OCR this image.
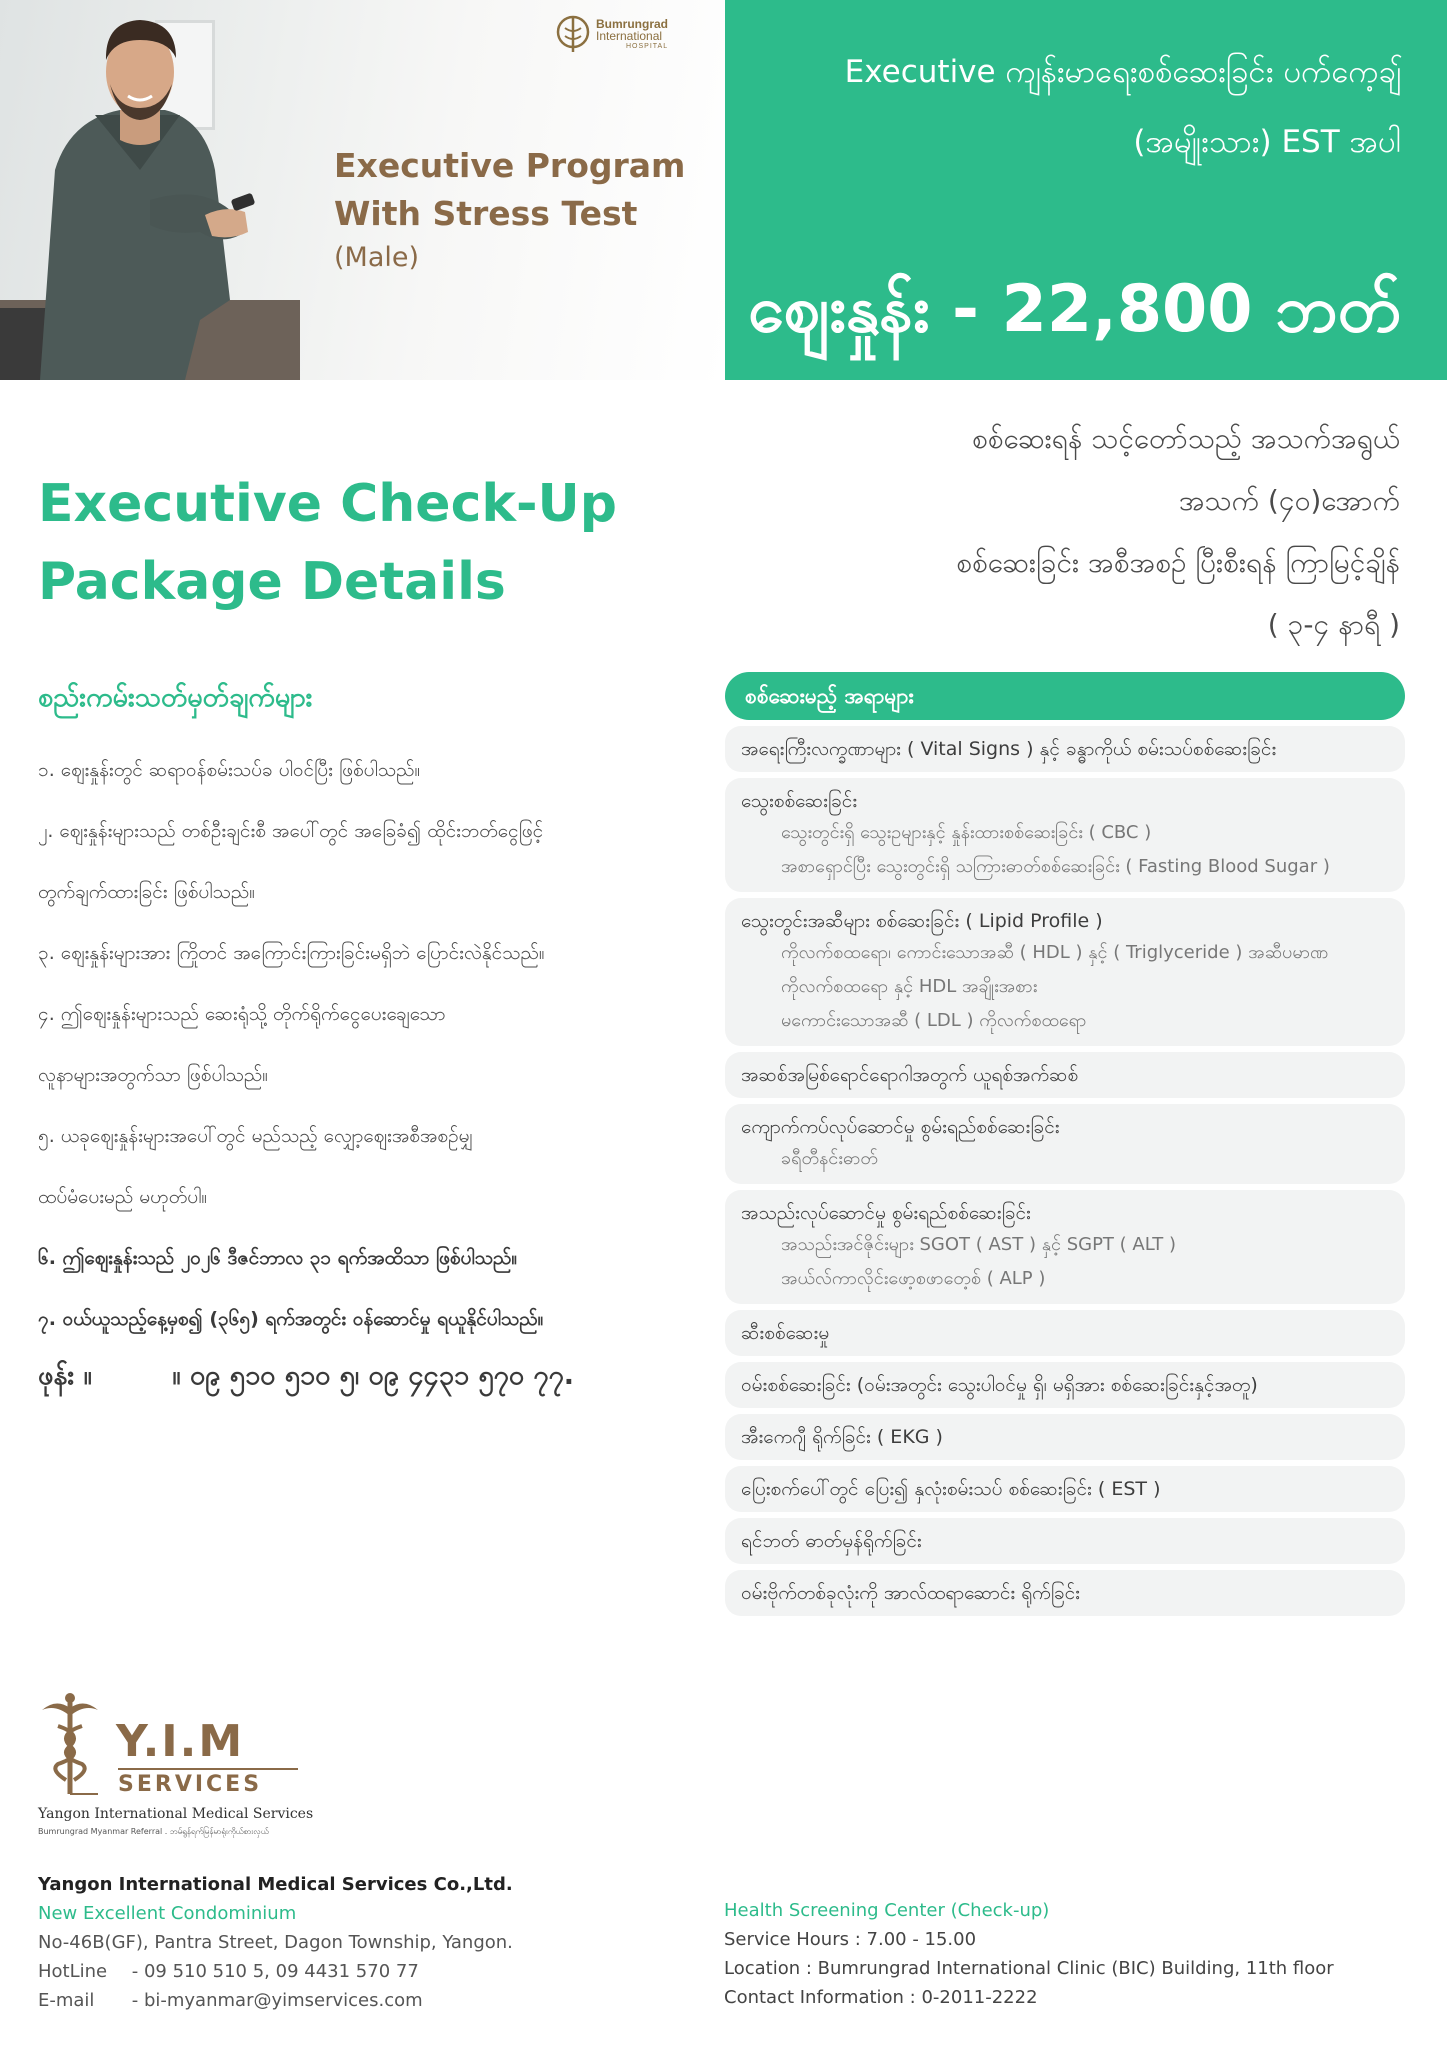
Bumrungrad
International
HOSPITAL
Executive Program
With Stress Test
(Male)
Executive ကျန်းမာရေးစစ်ဆေးခြင်း ပက်ကေ့ချ်
(အမျိုးသား) EST အပါ
ဈေးနှုန်း - 22,800 ဘတ်
Executive Check-Up
Package Details
စစ်ဆေးရန် သင့်တော်သည့် အသက်အရွယ်
အသက် (၄၀)အောက်
စစ်ဆေးခြင်း အစီအစဉ် ပြီးစီးရန် ကြာမြင့်ချိန်
( ၃-၄ နာရီ )
စည်းကမ်းသတ်မှတ်ချက်များ
၁. ဈေးနှုန်းတွင် ဆရာဝန်စမ်းသပ်ခ ပါဝင်ပြီး ဖြစ်ပါသည်။
၂. ဈေးနှုန်းများသည် တစ်ဦးချင်းစီ အပေါ်တွင် အခြေခံ၍ ထိုင်းဘတ်ငွေဖြင့်
တွက်ချက်ထားခြင်း ဖြစ်ပါသည်။
၃. ဈေးနှုန်းများအား ကြိုတင် အကြောင်းကြားခြင်းမရှိဘဲ ပြောင်းလဲနိုင်သည်။
၄. ဤဈေးနှုန်းများသည် ဆေးရုံသို့ တိုက်ရိုက်ငွေပေးချေသော
လူနာများအတွက်သာ ဖြစ်ပါသည်။
၅. ယခုဈေးနှုန်းများအပေါ်တွင် မည်သည့် လျှော့ဈေးအစီအစဉ်မျှ
ထပ်မံပေးမည် မဟုတ်ပါ။
၆. ဤဈေးနှုန်းသည် ၂၀၂၆ ဒီဇင်ဘာလ ၃၁ ရက်အထိသာ ဖြစ်ပါသည်။
၇. ဝယ်ယူသည့်နေ့မှစ၍ (၃၆၅) ရက်အတွင်း ဝန်ဆောင်မှု ရယူနိုင်ပါသည်။
ဖုန်း ။	။ ၀၉ ၅၁၀ ၅၁၀ ၅၊ ၀၉ ၄၄၃၁ ၅၇၀ ၇၇.
စစ်ဆေးမည့် အရာများ
အရေးကြီးလက္ခဏာများ ( Vital Signs ) နှင့် ခန္ဓာကိုယ် စမ်းသပ်စစ်ဆေးခြင်း
သွေးစစ်ဆေးခြင်း
သွေးတွင်းရှိ သွေးဥများနှင့် နှုန်းထားစစ်ဆေးခြင်း ( CBC )
အစာရှောင်ပြီး သွေးတွင်းရှိ သကြားဓာတ်စစ်ဆေးခြင်း ( Fasting Blood Sugar )
သွေးတွင်းအဆီများ စစ်ဆေးခြင်း ( Lipid Profile )
ကိုလက်စထရော၊ ကောင်းသောအဆီ ( HDL ) နှင့် ( Triglyceride ) အဆီပမာဏ
ကိုလက်စထရော နှင့် HDL အချိုးအစား
မကောင်းသောအဆီ ( LDL ) ကိုလက်စထရော
အဆစ်အမြစ်ရောင်ရောဂါအတွက် ယူရစ်အက်ဆစ်
ကျောက်ကပ်လုပ်ဆောင်မှု စွမ်းရည်စစ်ဆေးခြင်း
ခရီတီနင်းဓာတ်
အသည်းလုပ်ဆောင်မှု စွမ်းရည်စစ်ဆေးခြင်း
အသည်းအင်ဇိုင်းများ SGOT ( AST ) နှင့် SGPT ( ALT )
အယ်လ်ကာလိုင်းဖော့စဖာတေ့စ် ( ALP )
ဆီးစစ်ဆေးမှု
ဝမ်းစစ်ဆေးခြင်း (ဝမ်းအတွင်း သွေးပါဝင်မှု ရှိ၊ မရှိအား စစ်ဆေးခြင်းနှင့်အတူ)
အီးကေဂျီ ရိုက်ခြင်း ( EKG )
ပြေးစက်ပေါ်တွင် ပြေး၍ နှလုံးစမ်းသပ် စစ်ဆေးခြင်း ( EST )
ရင်ဘတ် ဓာတ်မှန်ရိုက်ခြင်း
ဝမ်းဗိုက်တစ်ခုလုံးကို အာလ်ထရာဆောင်း ရိုက်ခြင်း
Y.I.M
SERVICES
Yangon International Medical Services
Bumrungrad Myanmar Referral . ဘမ်ရွန်ရက်မြန်မာရုံးကိုယ်စားလှယ်
Yangon International Medical Services Co.,Ltd.
New Excellent Condominium
No-46B(GF), Pantra Street, Dagon Township, Yangon.
HotLine - 09 510 510 5, 09 4431 570 77
E-mail - bi-myanmar@yimservices.com
Health Screening Center (Check-up)
Service Hours : 7.00 - 15.00
Location : Bumrungrad International Clinic (BIC) Building, 11th floor
Contact Information : 0-2011-2222
